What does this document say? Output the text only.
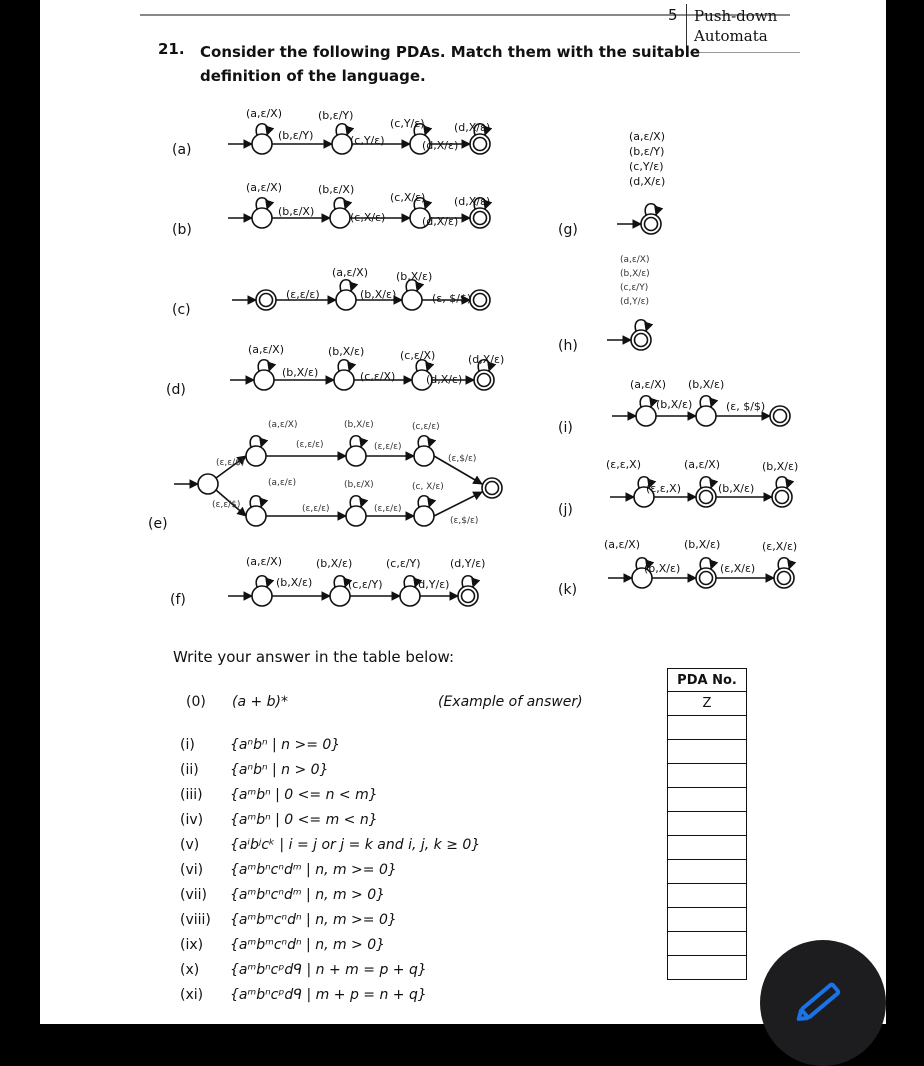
5 Push-down
Automata
21. Consider the following PDAs. Match them with the suitable definition of the language.
(a,ε/X)	(b,ε/Y)
(c,Y/ε)	(d,X/ε)
(b,ε/Y)	(c,Y/ε)	(d,X/ε)
(a,ε/X)	(b,ε/X)
(c,X/ε)	(d,X/ε)
(b,ε/X)	(c,X/ε)	(d,X/ε)
(a,ε/X)	(b,X/ε)
(ε,ε/ε)	(b,X/ε)	(ε, $/$)
(a,ε/X)	(b,X/ε)	(c,ε/X)	(d,X/ε)
(b,X/ε)	(c,ε/X)	(d,X/ε)
(ε,ε/$)
(ε,ε/$)
(a,ε/X)	(b,X/ε)	(c,ε/ε)
(a,ε/ε)	(b,ε/X)	(c, X/ε)
(ε,ε/ε)	(ε,ε/ε)
(ε,$/ε)
(ε,ε/ε)	(ε,ε/ε)
(ε,$/ε)
(a,ε/X)	(b,X/ε)	(c,ε/Y)	(d,Y/ε)
(b,X/ε)	(c,ε/Y)	(d,Y/ε)
(a,ε/X)
(b,ε/Y)
(c,Y/ε)
(d,X/ε)
(a,ε/X)
(b,X/ε)
(c,ε/Y)
(d,Y/ε)
(a,ε/X) (b,X/ε)
(b,X/ε)	(ε, $/$)
(ε,ε,X)	(a,ε/X)	(b,X/ε)
(ε,ε,X)	(b,X/ε)
(a,ε/X)	(b,X/ε)	(ε,X/ε)
(b,X/ε)	(ε,X/ε)
(a)
(b)
(c)
(d)
(e)
(f)
(g)
(h)
(i)
(j)
(k)
Write your answer in the table below:
(0) (a + b)*	(Example of answer)
(i)	{aⁿbⁿ | n >= 0}
(ii)	{aⁿbⁿ | n > 0}
(iii)	{aᵐbⁿ | 0 <= n < m}
(iv)	{aᵐbⁿ | 0 <= m < n}
(v)	{aⁱbʲcᵏ | i = j or j = k and i, j, k ≥ 0}
(vi)	{aᵐbⁿcⁿdᵐ | n, m >= 0}
(vii)	{aᵐbⁿcⁿdᵐ | n, m > 0}
(viii)	{aᵐbᵐcⁿdⁿ | n, m >= 0}
(ix)	{aᵐbᵐcⁿdⁿ | n, m > 0}
(x)	{aᵐbⁿcᵖdᑫ | n + m = p + q}
(xi)	{aᵐbⁿcᵖdᑫ | m + p = n + q}
PDA No.
Z
